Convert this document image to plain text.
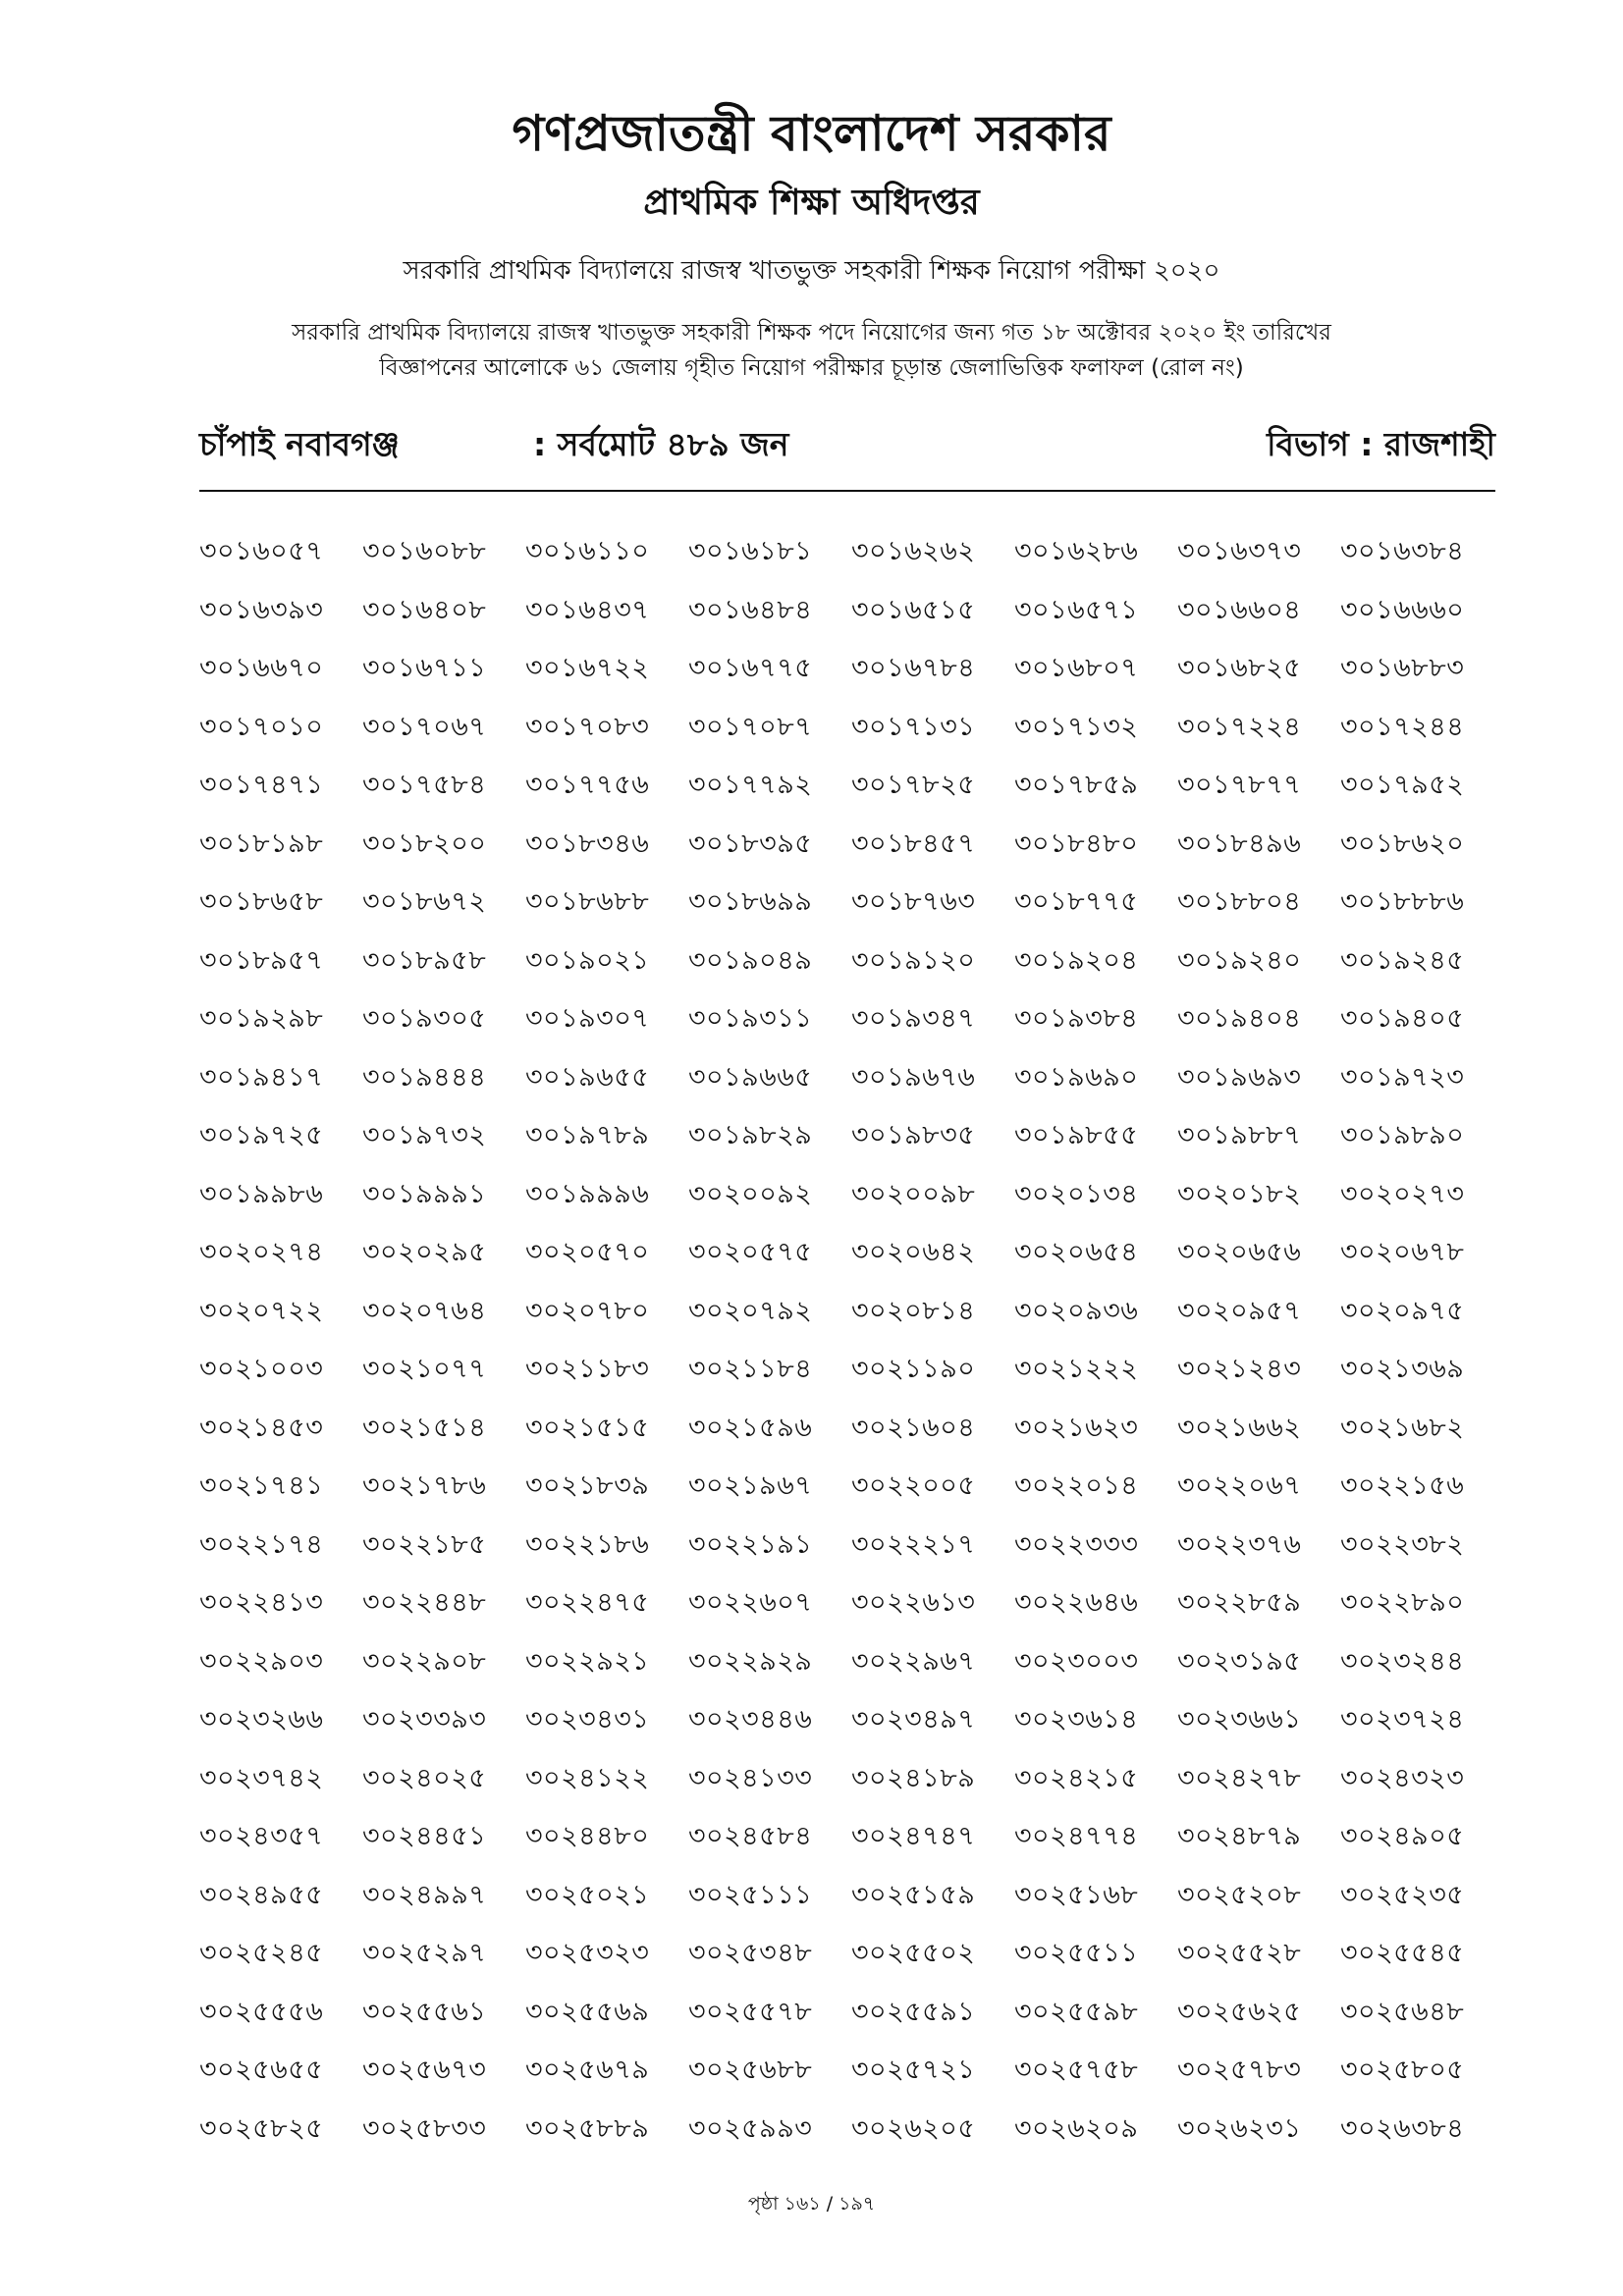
গণপ্রজাতন্ত্রী বাংলাদেশ সরকার
প্রাথমিক শিক্ষা অধিদপ্তর
সরকারি প্রাথমিক বিদ্যালয়ে রাজস্ব খাতভুক্ত সহকারী শিক্ষক নিয়োগ পরীক্ষা ২০২০
সরকারি প্রাথমিক বিদ্যালয়ে রাজস্ব খাতভুক্ত সহকারী শিক্ষক পদে নিয়োগের জন্য গত ১৮ অক্টোবর ২০২০ ইং তারিখের
বিজ্ঞাপনের আলোকে ৬১ জেলায় গৃহীত নিয়োগ পরীক্ষার চূড়ান্ত জেলাভিত্তিক ফলাফল (রোল নং)
চাঁপাই নবাবগঞ্জ	: সর্বমোট ৪৮৯ জন	বিভাগ : রাজশাহী
৩০১৬০৫৭	৩০১৬০৮৮	৩০১৬১১০	৩০১৬১৮১	৩০১৬২৬২	৩০১৬২৮৬	৩০১৬৩৭৩	৩০১৬৩৮৪
৩০১৬৩৯৩	৩০১৬৪০৮	৩০১৬৪৩৭	৩০১৬৪৮৪	৩০১৬৫১৫	৩০১৬৫৭১	৩০১৬৬০৪	৩০১৬৬৬০
৩০১৬৬৭০	৩০১৬৭১১	৩০১৬৭২২	৩০১৬৭৭৫	৩০১৬৭৮৪	৩০১৬৮০৭	৩০১৬৮২৫	৩০১৬৮৮৩
৩০১৭০১০	৩০১৭০৬৭	৩০১৭০৮৩	৩০১৭০৮৭	৩০১৭১৩১	৩০১৭১৩২	৩০১৭২২৪	৩০১৭২৪৪
৩০১৭৪৭১	৩০১৭৫৮৪	৩০১৭৭৫৬	৩০১৭৭৯২	৩০১৭৮২৫	৩০১৭৮৫৯	৩০১৭৮৭৭	৩০১৭৯৫২
৩০১৮১৯৮	৩০১৮২০০	৩০১৮৩৪৬	৩০১৮৩৯৫	৩০১৮৪৫৭	৩০১৮৪৮০	৩০১৮৪৯৬	৩০১৮৬২০
৩০১৮৬৫৮	৩০১৮৬৭২	৩০১৮৬৮৮	৩০১৮৬৯৯	৩০১৮৭৬৩	৩০১৮৭৭৫	৩০১৮৮০৪	৩০১৮৮৮৬
৩০১৮৯৫৭	৩০১৮৯৫৮	৩০১৯০২১	৩০১৯০৪৯	৩০১৯১২০	৩০১৯২০৪	৩০১৯২৪০	৩০১৯২৪৫
৩০১৯২৯৮	৩০১৯৩০৫	৩০১৯৩০৭	৩০১৯৩১১	৩০১৯৩৪৭	৩০১৯৩৮৪	৩০১৯৪০৪	৩০১৯৪০৫
৩০১৯৪১৭	৩০১৯৪৪৪	৩০১৯৬৫৫	৩০১৯৬৬৫	৩০১৯৬৭৬	৩০১৯৬৯০	৩০১৯৬৯৩	৩০১৯৭২৩
৩০১৯৭২৫	৩০১৯৭৩২	৩০১৯৭৮৯	৩০১৯৮২৯	৩০১৯৮৩৫	৩০১৯৮৫৫	৩০১৯৮৮৭	৩০১৯৮৯০
৩০১৯৯৮৬	৩০১৯৯৯১	৩০১৯৯৯৬	৩০২০০৯২	৩০২০০৯৮	৩০২০১৩৪	৩০২০১৮২	৩০২০২৭৩
৩০২০২৭৪	৩০২০২৯৫	৩০২০৫৭০	৩০২০৫৭৫	৩০২০৬৪২	৩০২০৬৫৪	৩০২০৬৫৬	৩০২০৬৭৮
৩০২০৭২২	৩০২০৭৬৪	৩০২০৭৮০	৩০২০৭৯২	৩০২০৮১৪	৩০২০৯৩৬	৩০২০৯৫৭	৩০২০৯৭৫
৩০২১০০৩	৩০২১০৭৭	৩০২১১৮৩	৩০২১১৮৪	৩০২১১৯০	৩০২১২২২	৩০২১২৪৩	৩০২১৩৬৯
৩০২১৪৫৩	৩০২১৫১৪	৩০২১৫১৫	৩০২১৫৯৬	৩০২১৬০৪	৩০২১৬২৩	৩০২১৬৬২	৩০২১৬৮২
৩০২১৭৪১	৩০২১৭৮৬	৩০২১৮৩৯	৩০২১৯৬৭	৩০২২০০৫	৩০২২০১৪	৩০২২০৬৭	৩০২২১৫৬
৩০২২১৭৪	৩০২২১৮৫	৩০২২১৮৬	৩০২২১৯১	৩০২২২১৭	৩০২২৩৩৩	৩০২২৩৭৬	৩০২২৩৮২
৩০২২৪১৩	৩০২২৪৪৮	৩০২২৪৭৫	৩০২২৬০৭	৩০২২৬১৩	৩০২২৬৪৬	৩০২২৮৫৯	৩০২২৮৯০
৩০২২৯০৩	৩০২২৯০৮	৩০২২৯২১	৩০২২৯২৯	৩০২২৯৬৭	৩০২৩০০৩	৩০২৩১৯৫	৩০২৩২৪৪
৩০২৩২৬৬	৩০২৩৩৯৩	৩০২৩৪৩১	৩০২৩৪৪৬	৩০২৩৪৯৭	৩০২৩৬১৪	৩০২৩৬৬১	৩০২৩৭২৪
৩০২৩৭৪২	৩০২৪০২৫	৩০২৪১২২	৩০২৪১৩৩	৩০২৪১৮৯	৩০২৪২১৫	৩০২৪২৭৮	৩০২৪৩২৩
৩০২৪৩৫৭	৩০২৪৪৫১	৩০২৪৪৮০	৩০২৪৫৮৪	৩০২৪৭৪৭	৩০২৪৭৭৪	৩০২৪৮৭৯	৩০২৪৯০৫
৩০২৪৯৫৫	৩০২৪৯৯৭	৩০২৫০২১	৩০২৫১১১	৩০২৫১৫৯	৩০২৫১৬৮	৩০২৫২০৮	৩০২৫২৩৫
৩০২৫২৪৫	৩০২৫২৯৭	৩০২৫৩২৩	৩০২৫৩৪৮	৩০২৫৫০২	৩০২৫৫১১	৩০২৫৫২৮	৩০২৫৫৪৫
৩০২৫৫৫৬	৩০২৫৫৬১	৩০২৫৫৬৯	৩০২৫৫৭৮	৩০২৫৫৯১	৩০২৫৫৯৮	৩০২৫৬২৫	৩০২৫৬৪৮
৩০২৫৬৫৫	৩০২৫৬৭৩	৩০২৫৬৭৯	৩০২৫৬৮৮	৩০২৫৭২১	৩০২৫৭৫৮	৩০২৫৭৮৩	৩০২৫৮০৫
৩০২৫৮২৫	৩০২৫৮৩৩	৩০২৫৮৮৯	৩০২৫৯৯৩	৩০২৬২০৫	৩০২৬২০৯	৩০২৬২৩১	৩০২৬৩৮৪
পৃষ্ঠা ১৬১ / ১৯৭
